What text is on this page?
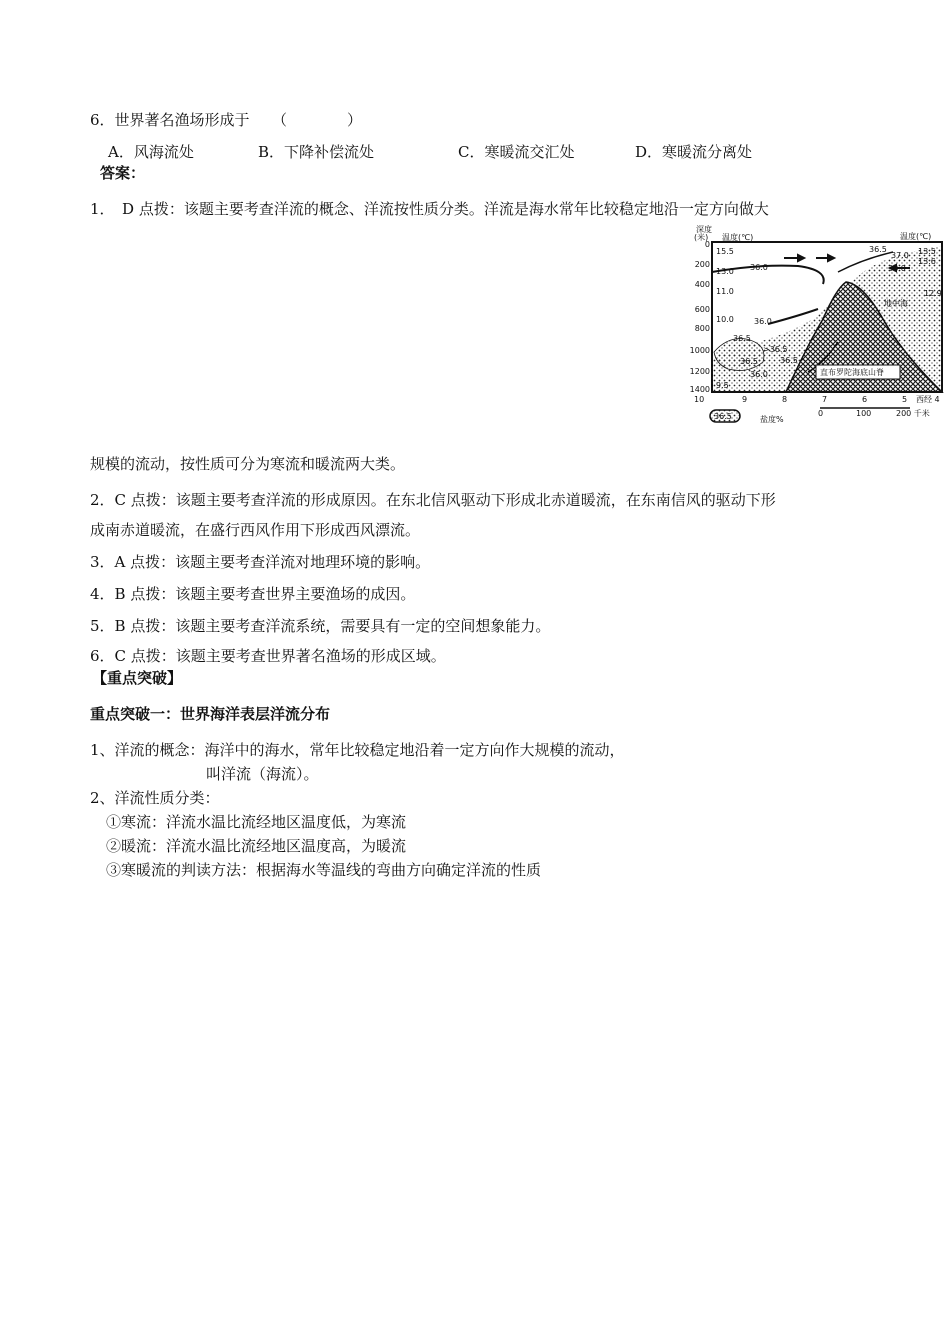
6．世界著名渔场形成于　　（　　　　）
A．风海流处	B．下降补偿流处	C．寒暖流交汇处	D．寒暖流分离处
答案：
1．　D 点拨：该题主要考查洋流的概念、洋流按性质分类。洋流是海水常年比较稳定地沿一定方向做大
深度
(米) 温度(℃)	温度(℃)
0
200
400
600
800
1000
1200
1400
15.5
13.0
11.0
10.0
9.5
13.5
13.6
12.9
36.5
37.0
38.0
36.0
36.0
36.5
>36.5
36.5
36.0
36.5
地中海
直布罗陀海底山脊
10	9	8	7	6	5 西经 4
36.5	盐度%
0	100	200 千米
规模的流动，按性质可分为寒流和暖流两大类。
2．C 点拨：该题主要考查洋流的形成原因。在东北信风驱动下形成北赤道暖流，在东南信风的驱动下形
成南赤道暖流，在盛行西风作用下形成西风漂流。
3．A 点拨：该题主要考查洋流对地理环境的影响。
4．B 点拨：该题主要考查世界主要渔场的成因。
5．B 点拨：该题主要考查洋流系统，需要具有一定的空间想象能力。
6．C 点拨：该题主要考查世界著名渔场的形成区域。
【重点突破】
重点突破一：世界海洋表层洋流分布
1、洋流的概念：海洋中的海水，常年比较稳定地沿着一定方向作大规模的流动，
叫洋流（海流）。
2、洋流性质分类：
①寒流：洋流水温比流经地区温度低，为寒流
②暖流：洋流水温比流经地区温度高，为暖流
③寒暖流的判读方法：根据海水等温线的弯曲方向确定洋流的性质
